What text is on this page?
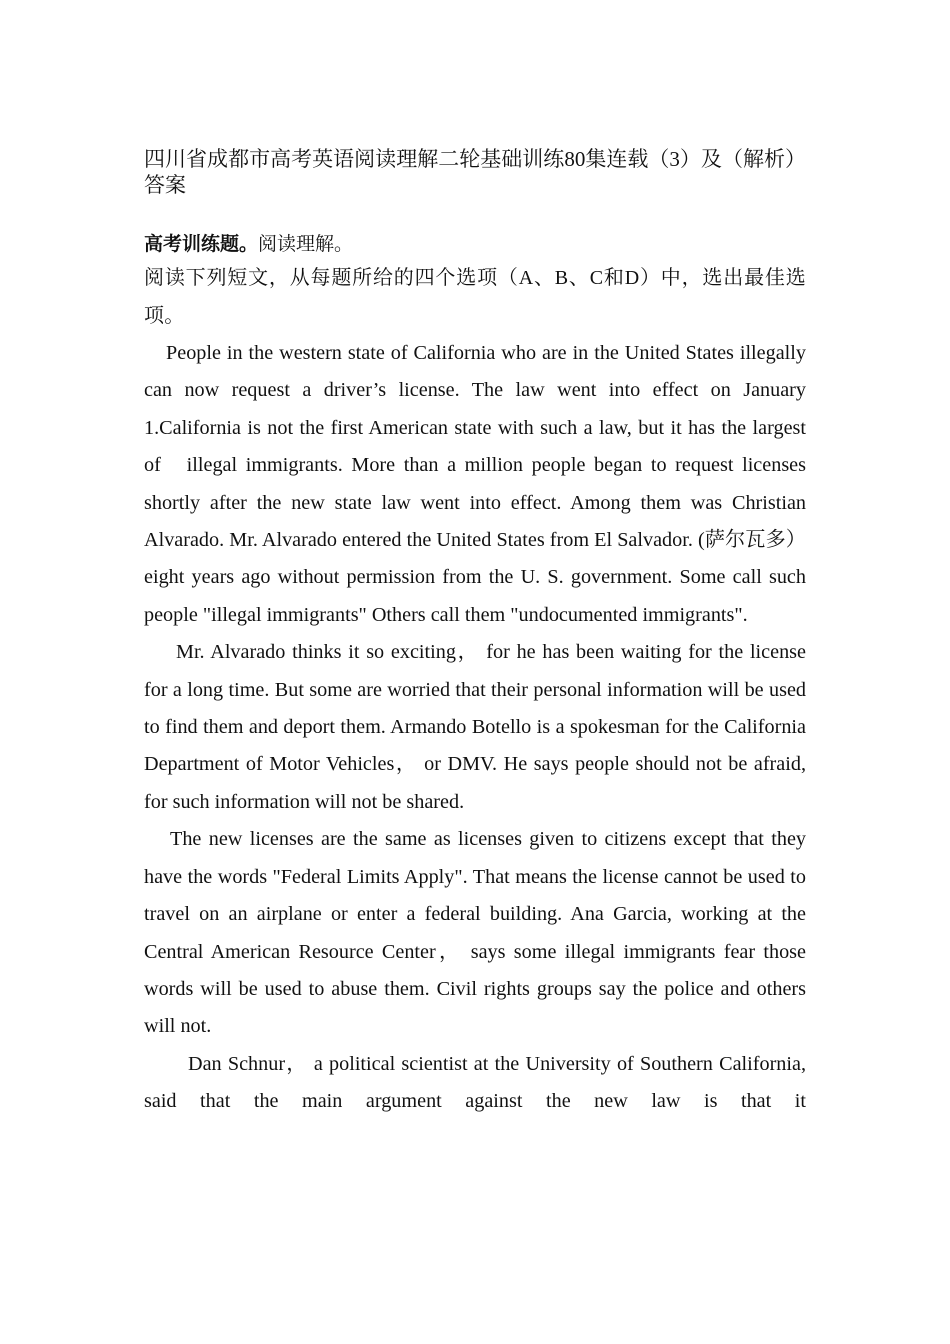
四川省成都市高考英语阅读理解二轮基础训练80集连载（3）及（解析）答案

高考训练题。阅读理解。

阅读下列短文，从每题所给的四个选项（A、B、C和D）中，选出最佳选项。

People in the western state of California who are in the United States illegally can now request a driver’s license. The law went into effect on January 1.California is not the first American state with such a law, but it has the largest of   illegal immigrants. More than a million people began to request licenses shortly after the new state law went into effect. Among them was Christian Alvarado. Mr. Alvarado entered the United States from El Salvador. (萨尔瓦多）eight years ago without permission from the U. S. government. Some call such people "illegal immigrants" Others call them "undocumented immigrants".

Mr. Alvarado thinks it so exciting， for he has been waiting for the license for a long time. But some are worried that their personal information will be used to find them and deport them. Armando Botello is a spokesman for the California Department of Motor Vehicles， or DMV. He says people should not be afraid, for such information will not be shared.

The new licenses are the same as licenses given to citizens except that they have the words "Federal Limits Apply". That means the license cannot be used to travel on an airplane or enter a federal building. Ana Garcia, working at the Central American Resource Center， says some illegal immigrants fear those words will be used to abuse them. Civil rights groups say the police and others will not.

Dan Schnur， a political scientist at the University of Southern California, said that the main argument against the new law is that it
